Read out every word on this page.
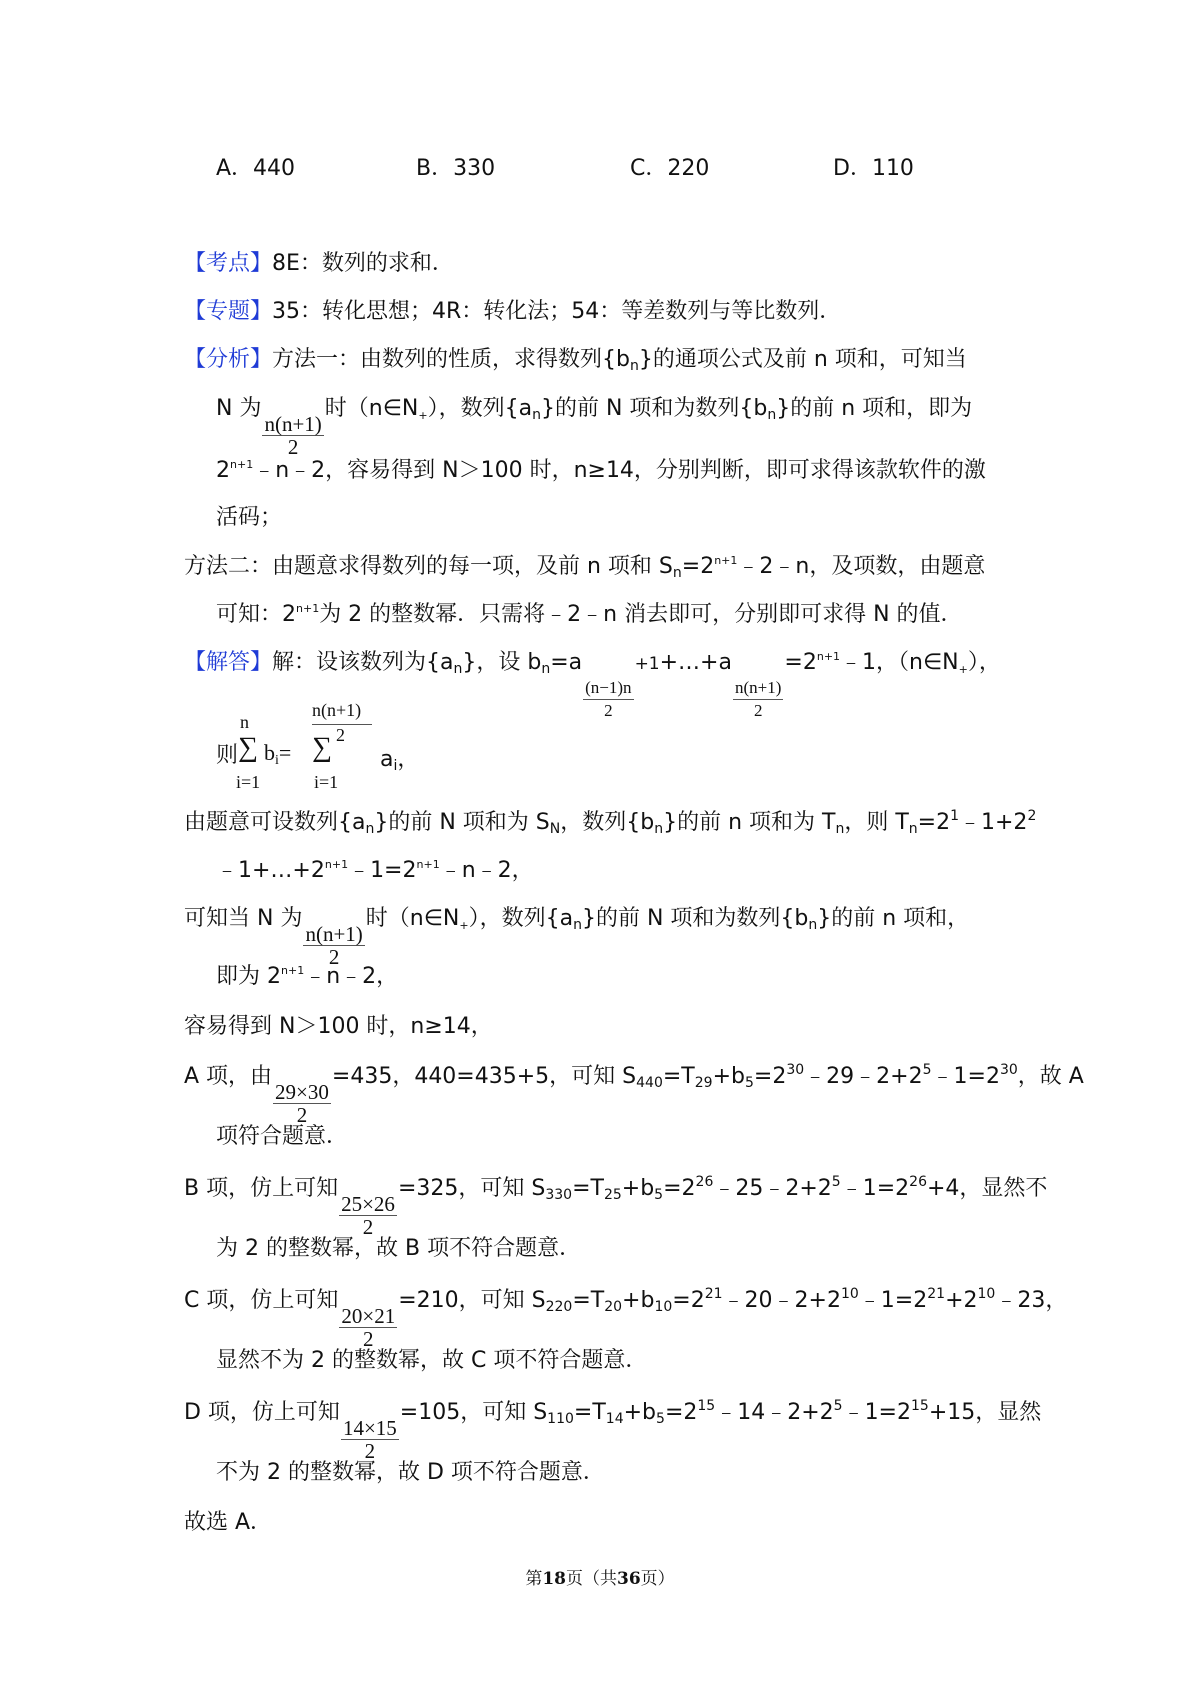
A．440	B．330	C．220	D．110
【考点】8E：数列的求和．
【专题】35：转化思想；4R：转化法；54：等差数列与等比数列．
【分析】方法一：由数列的性质，求得数列$\{b_n\}$的通项公式及前 n 项和，可知当
N 为
$\frac{n(n+1)}{2}$
时$(n\in N_+)$，数列$\{a_n\}$的前 N 项和为数列$\{b_n\}$的前 n 项和，即为
$2^{n+1}﹣n﹣2$，容易得到 N＞100 时，n≥14，分别判断，即可求得该款软件的激
活码；
方法二：由题意求得数列的每一项，及前 n 项和 $S_n=2^{n+1}﹣2﹣n$，及项数，由题意
可知：$2^{n+1}$为 2 的整数幂．只需将﹣2﹣n 消去即可，分别即可求得 N 的值．
【解答】解：设该数列为$\{a_n\}$，设 $b_n=a$
$\frac{(n-1)n}{2}$
+1+…+a
$\frac{n(n+1)}{2}$
$=2^{n+1}﹣1$，$(n\in N_+)$，
n(n+1)
2
n
则 ∑ $b_i=$ ∑ $a_i$，
i=1	i=1
由题意可设数列$\{a_n\}$的前 N 项和为 $S_N$，数列$\{b_n\}$的前 n 项和为 $T_n$，则 $T_n=2^1﹣1+2^2$
$﹣1+\dots+2^{n+1}﹣1=2^{n+1}﹣n﹣2$，
可知当 N 为
$\frac{n(n+1)}{2}$
时$(n\in N_+)$，数列$\{a_n\}$的前 N 项和为数列$\{b_n\}$的前 n 项和，
即为 $2^{n+1}﹣n﹣2$，
容易得到 N＞100 时，n≥14，
A 项，由
$\frac{29\times 30}{2}$
=435，440=435+5，可知 $S_{440}=T_{29}+b_5=2^{30}﹣29﹣2+2^5﹣1=2^{30}$，故 A
项符合题意．
B 项，仿上可知
$\frac{25\times 26}{2}$
=325，可知 $S_{330}=T_{25}+b_5=2^{26}﹣25﹣2+2^5﹣1=2^{26}+4$，显然不
为 2 的整数幂，故 B 项不符合题意．
C 项，仿上可知
$\frac{20\times 21}{2}$
=210，可知 $S_{220}=T_{20}+b_{10}=2^{21}﹣20﹣2+2^{10}﹣1=2^{21}+2^{10}﹣23$，
显然不为 2 的整数幂，故 C 项不符合题意．
D 项，仿上可知
$\frac{14\times 15}{2}$
=105，可知 $S_{110}=T_{14}+b_5=2^{15}﹣14﹣2+2^5﹣1=2^{15}+15$，显然
不为 2 的整数幂，故 D 项不符合题意．
故选 A．
第18页（共36页）
